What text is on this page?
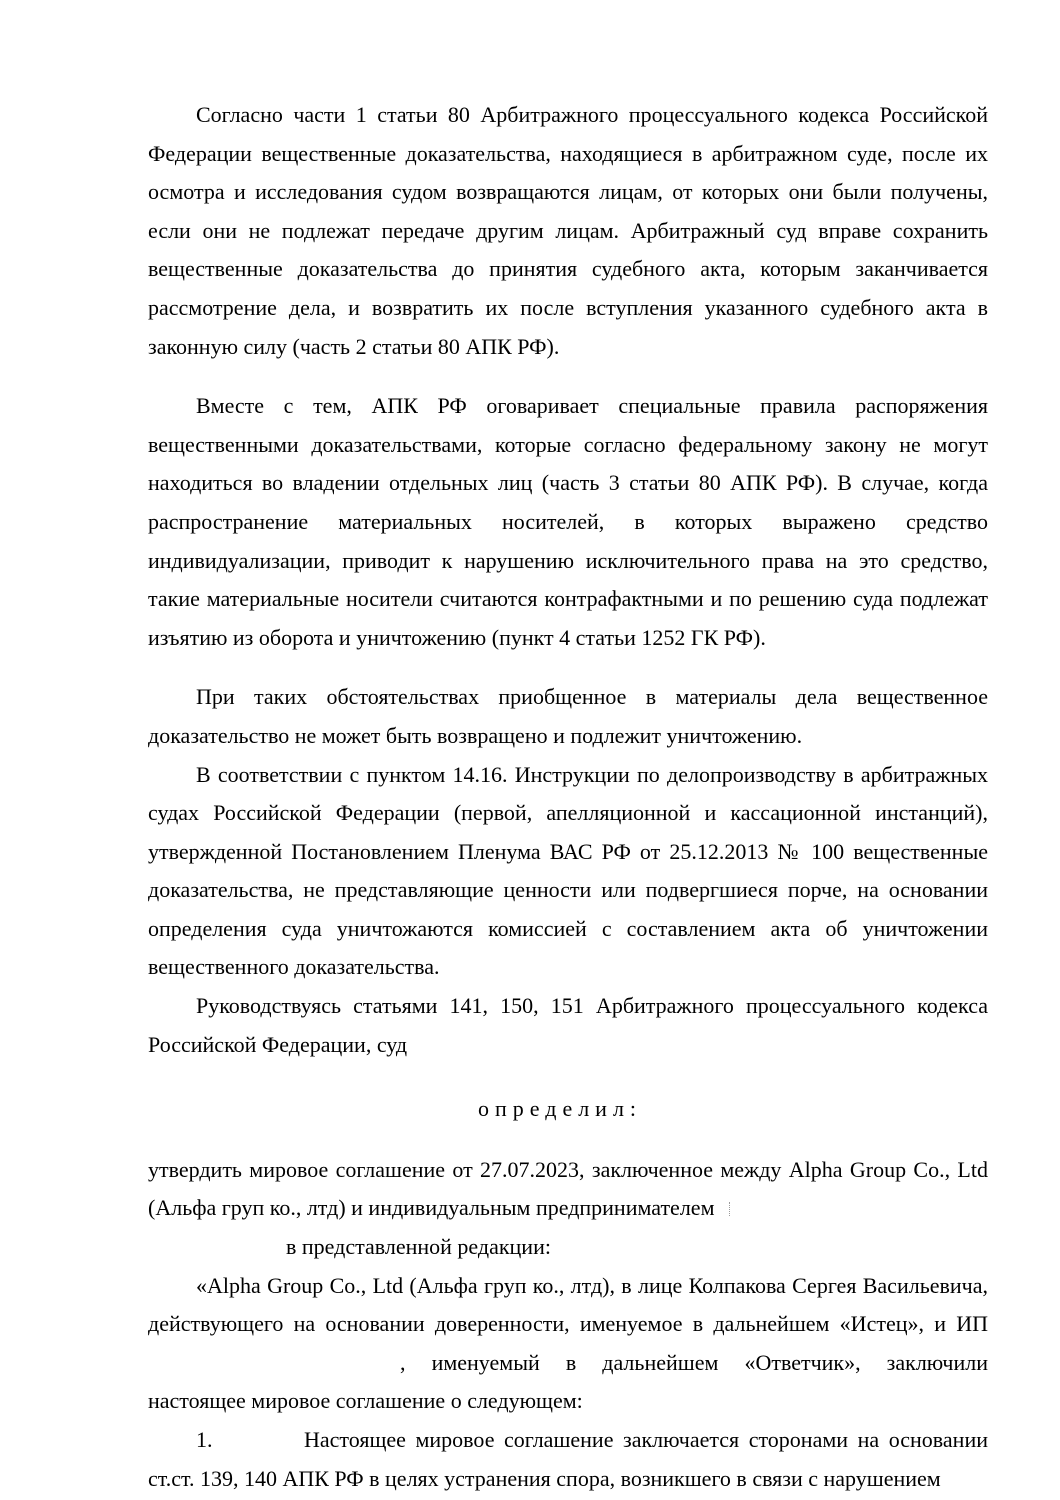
Согласно части 1 статьи 80 Арбитражного процессуального кодекса Российской Федерации вещественные доказательства, находящиеся в арбитражном суде, после их осмотра и исследования судом возвращаются лицам, от которых они были получены, если они не подлежат передаче другим лицам. Арбитражный суд вправе сохранить вещественные доказательства до принятия судебного акта, которым заканчивается рассмотрение дела, и возвратить их после вступления указанного судебного акта в законную силу (часть 2 статьи 80 АПК РФ).

Вместе с тем, АПК РФ оговаривает специальные правила распоряжения вещественными доказательствами, которые согласно федеральному закону не могут находиться во владении отдельных лиц (часть 3 статьи 80 АПК РФ). В случае, когда распространение материальных носителей, в которых выражено средство индивидуализации, приводит к нарушению исключительного права на это средство, такие материальные носители считаются контрафактными и по решению суда подлежат изъятию из оборота и уничтожению (пункт 4 статьи 1252 ГК РФ).

При таких обстоятельствах приобщенное в материалы дела вещественное доказательство не может быть возвращено и подлежит уничтожению.

В соответствии с пунктом 14.16. Инструкции по делопроизводству в арбитражных судах Российской Федерации (первой, апелляционной и кассационной инстанций), утвержденной Постановлением Пленума ВАС РФ от 25.12.2013 № 100 вещественные доказательства, не представляющие ценности или подвергшиеся порче, на основании определения суда уничтожаются комиссией с составлением акта об уничтожении вещественного доказательства.

Руководствуясь статьями 141, 150, 151 Арбитражного процессуального кодекса Российской Федерации, суд

определил:

утвердить мировое соглашение от 27.07.2023, заключенное между Alpha Group Co., Ltd (Альфа груп ко., лтд) и индивидуальным предпринимателем

в представленной редакции:

«Alpha Group Co., Ltd (Альфа груп ко., лтд), в лице Колпакова Сергея Васильевича, действующего на основании доверенности, именуемое в дальнейшем «Истец», и ИП, именуемый в дальнейшем «Ответчик», заключили настоящее мировое соглашение о следующем:

1.	Настоящее мировое соглашение заключается сторонами на основании ст.ст. 139, 140 АПК РФ в целях устранения спора, возникшего в связи с нарушением
